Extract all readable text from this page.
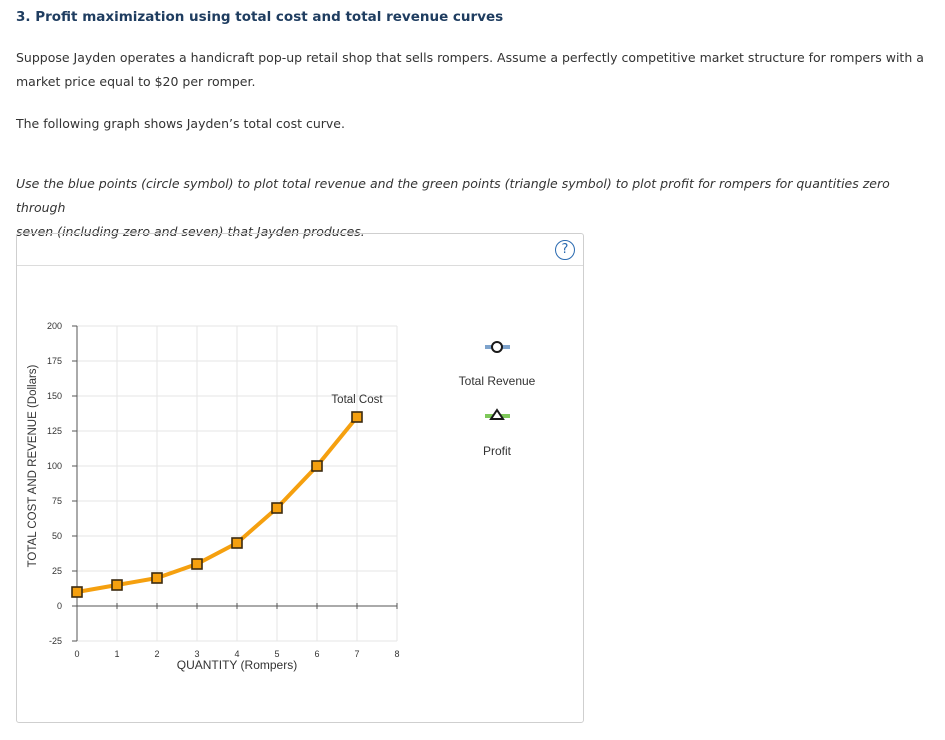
3. Profit maximization using total cost and total revenue curves
Suppose Jayden operates a handicraft pop-up retail shop that sells rompers. Assume a perfectly competitive market structure for rompers with a
market price equal to $20 per romper.
The following graph shows Jayden’s total cost curve.
Use the blue points (circle symbol) to plot total revenue and the green points (triangle symbol) to plot profit for rompers for quantities zero through
seven (including zero and seven) that Jayden produces.
?
-25
0
25
50
75
100
125
150
175
200
0	1	2	3	4	5	6	7	8
Total Cost
Total Revenue
Profit
QUANTITY (Rompers)
TOTAL COST AND REVENUE (Dollars)
